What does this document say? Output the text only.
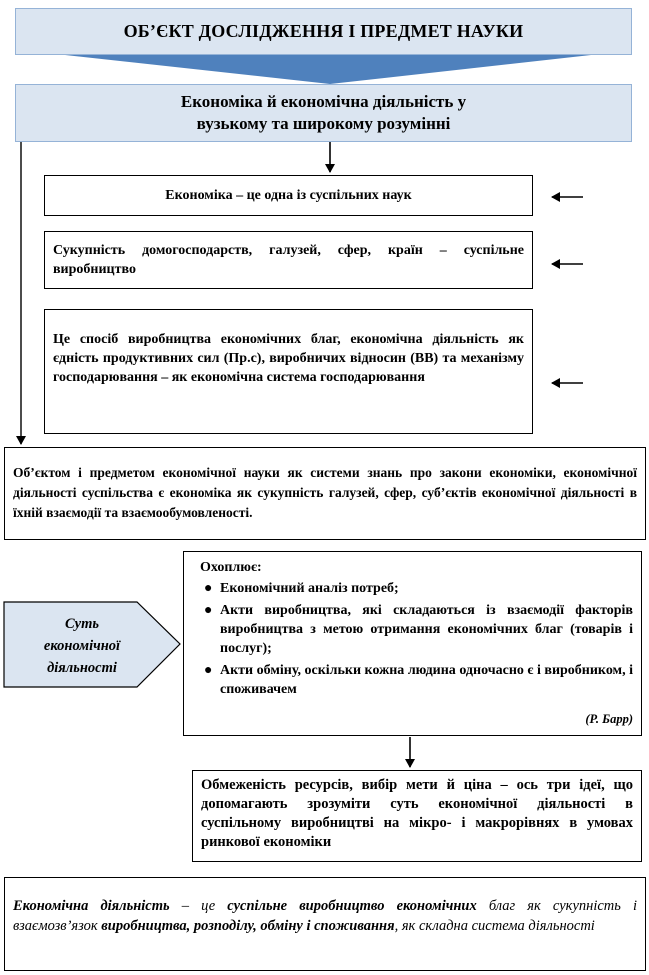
ОБ’ЄКТ ДОСЛІДЖЕННЯ І ПРЕДМЕТ НАУКИ
Економіка й економічна діяльність у
вузькому та широкому розумінні
Економіка – це одна із суспільних наук
Сукупність домогосподарств, галузей, сфер, країн – суспільне виробництво
Це спосіб виробництва економічних благ, економічна діяльність як єдність продуктивних сил (Пр.с), виробничих відносин (ВВ) та механізму господарювання – як економічна система господарювання
Об’єктом і предметом економічної науки як системи знань про закони економіки, економічної діяльності суспільства є економіка як сукупність галузей, сфер, суб’єктів економічної діяльності в їхній взаємодії та взаємообумовленості.
Суть
економічної
діяльності
Охоплює:
● Економічний аналіз потреб;
● Акти виробництва, які складаються із взаємодії факторів виробництва з метою отримання економічних благ (товарів і послуг);
● Акти обміну, оскільки кожна людина одночасно є і виробником, і споживачем
(Р. Барр)
Обмеженість ресурсів, вибір мети й ціна – ось три ідеї, що допомагають зрозуміти суть економічної діяльності в суспільному виробництві на мікро- і макрорівнях в умовах ринкової економіки
Економічна діяльність – це суспільне виробництво економічних благ як сукупність і взаємозв’язок виробництва, розподілу, обміну і споживання, як складна система діяльності
